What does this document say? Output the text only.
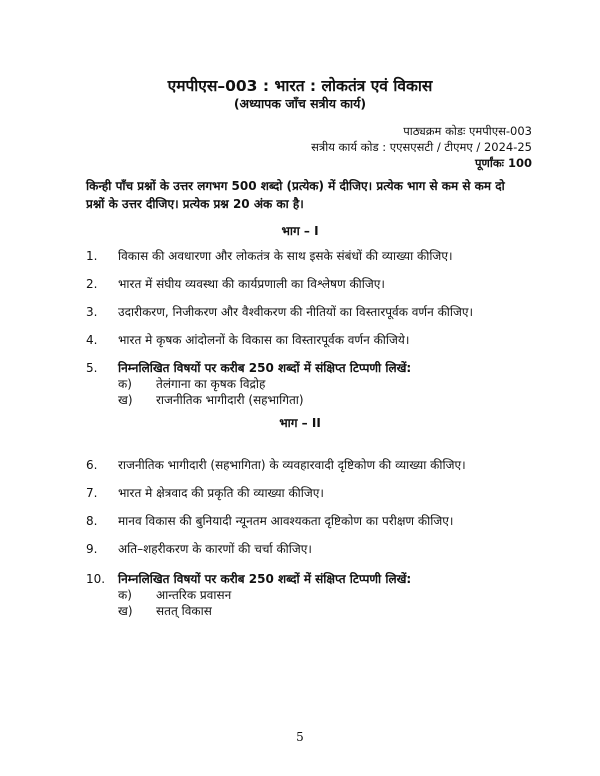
एमपीएस–003 : भारत : लोकतंत्र एवं विकास
(अध्यापक जाँच सत्रीय कार्य)
पाठ्यक्रम कोडः एमपीएस-003
सत्रीय कार्य कोड : एएसएसटी / टीएमए / 2024-25
पूर्णांकः 100
किन्ही पाँच प्रश्नों के उत्तर लगभग 500 शब्दो (प्रत्येक) में दीजिए। प्रत्येक भाग से कम से कम दो प्रश्नों के उत्तर दीजिए। प्रत्येक प्रश्न 20 अंक का है।
भाग – I
1. विकास की अवधारणा और लोकतंत्र के साथ इसके संबंधों की व्याख्या कीजिए।
2. भारत में संघीय व्यवस्था की कार्यप्रणाली का विश्लेषण कीजिए।
3. उदारीकरण, निजीकरण और वैश्वीकरण की नीतियों का विस्तारपूर्वक वर्णन कीजिए।
4. भारत मे कृषक आंदोलनों के विकास का विस्तारपूर्वक वर्णन कीजिये।
5. निम्नलिखित विषयों पर करीब 250 शब्दों में संक्षिप्त टिप्पणी लिखें:
क) तेलंगाना का कृषक विद्रोह
ख) राजनीतिक भागीदारी (सहभागिता)
भाग – II
6. राजनीतिक भागीदारी (सहभागिता) के व्यवहारवादी दृष्टिकोण की व्याख्या कीजिए।
7. भारत मे क्षेत्रवाद की प्रकृति की व्याख्या कीजिए।
8. मानव विकास की बुनियादी न्यूनतम आवश्यकता दृष्टिकोण का परीक्षण कीजिए।
9. अति–शहरीकरण के कारणों की चर्चा कीजिए।
10. निम्नलिखित विषयों पर करीब 250 शब्दों में संक्षिप्त टिप्पणी लिखें:
क) आन्तरिक प्रवासन
ख) सतत् विकास
5
